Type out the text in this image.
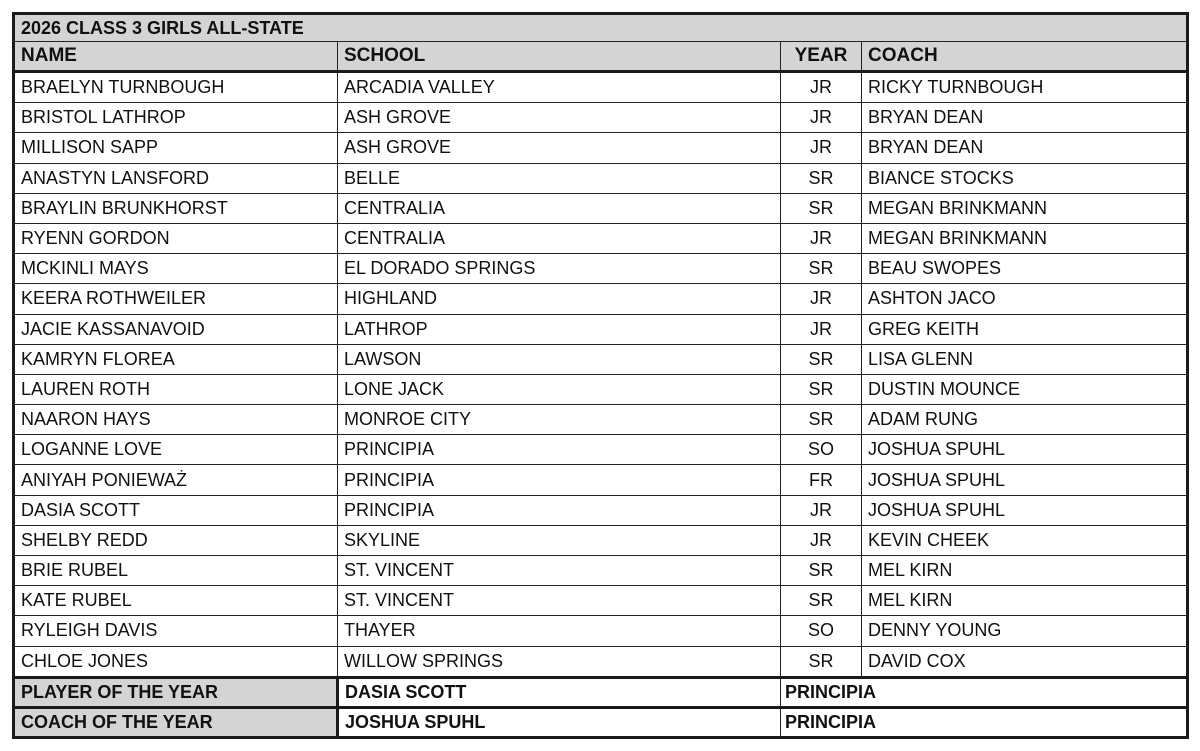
2026 CLASS 3 GIRLS ALL-STATE			
NAME	SCHOOL	YEAR	COACH
BRAELYN TURNBOUGH	ARCADIA VALLEY	JR	RICKY TURNBOUGH
BRISTOL LATHROP	ASH GROVE	JR	BRYAN DEAN
MILLISON SAPP	ASH GROVE	JR	BRYAN DEAN
ANASTYN LANSFORD	BELLE	SR	BIANCE STOCKS
BRAYLIN BRUNKHORST	CENTRALIA	SR	MEGAN BRINKMANN
RYENN GORDON	CENTRALIA	JR	MEGAN BRINKMANN
MCKINLI MAYS	EL DORADO SPRINGS	SR	BEAU SWOPES
KEERA ROTHWEILER	HIGHLAND	JR	ASHTON JACO
JACIE KASSANAVOID	LATHROP	JR	GREG KEITH
KAMRYN FLOREA	LAWSON	SR	LISA GLENN
LAUREN ROTH	LONE JACK	SR	DUSTIN MOUNCE
NAARON HAYS	MONROE CITY	SR	ADAM RUNG
LOGANNE LOVE	PRINCIPIA	SO	JOSHUA SPUHL
ANIYAH PONIEWAŻ	PRINCIPIA	FR	JOSHUA SPUHL
DASIA SCOTT	PRINCIPIA	JR	JOSHUA SPUHL
SHELBY REDD	SKYLINE	JR	KEVIN CHEEK
BRIE RUBEL	ST. VINCENT	SR	MEL KIRN
KATE RUBEL	ST. VINCENT	SR	MEL KIRN
RYLEIGH DAVIS	THAYER	SO	DENNY YOUNG
CHLOE JONES	WILLOW SPRINGS	SR	DAVID COX
PLAYER OF THE YEAR	DASIA SCOTT	PRINCIPIA	
COACH OF THE YEAR	JOSHUA SPUHL	PRINCIPIA	
